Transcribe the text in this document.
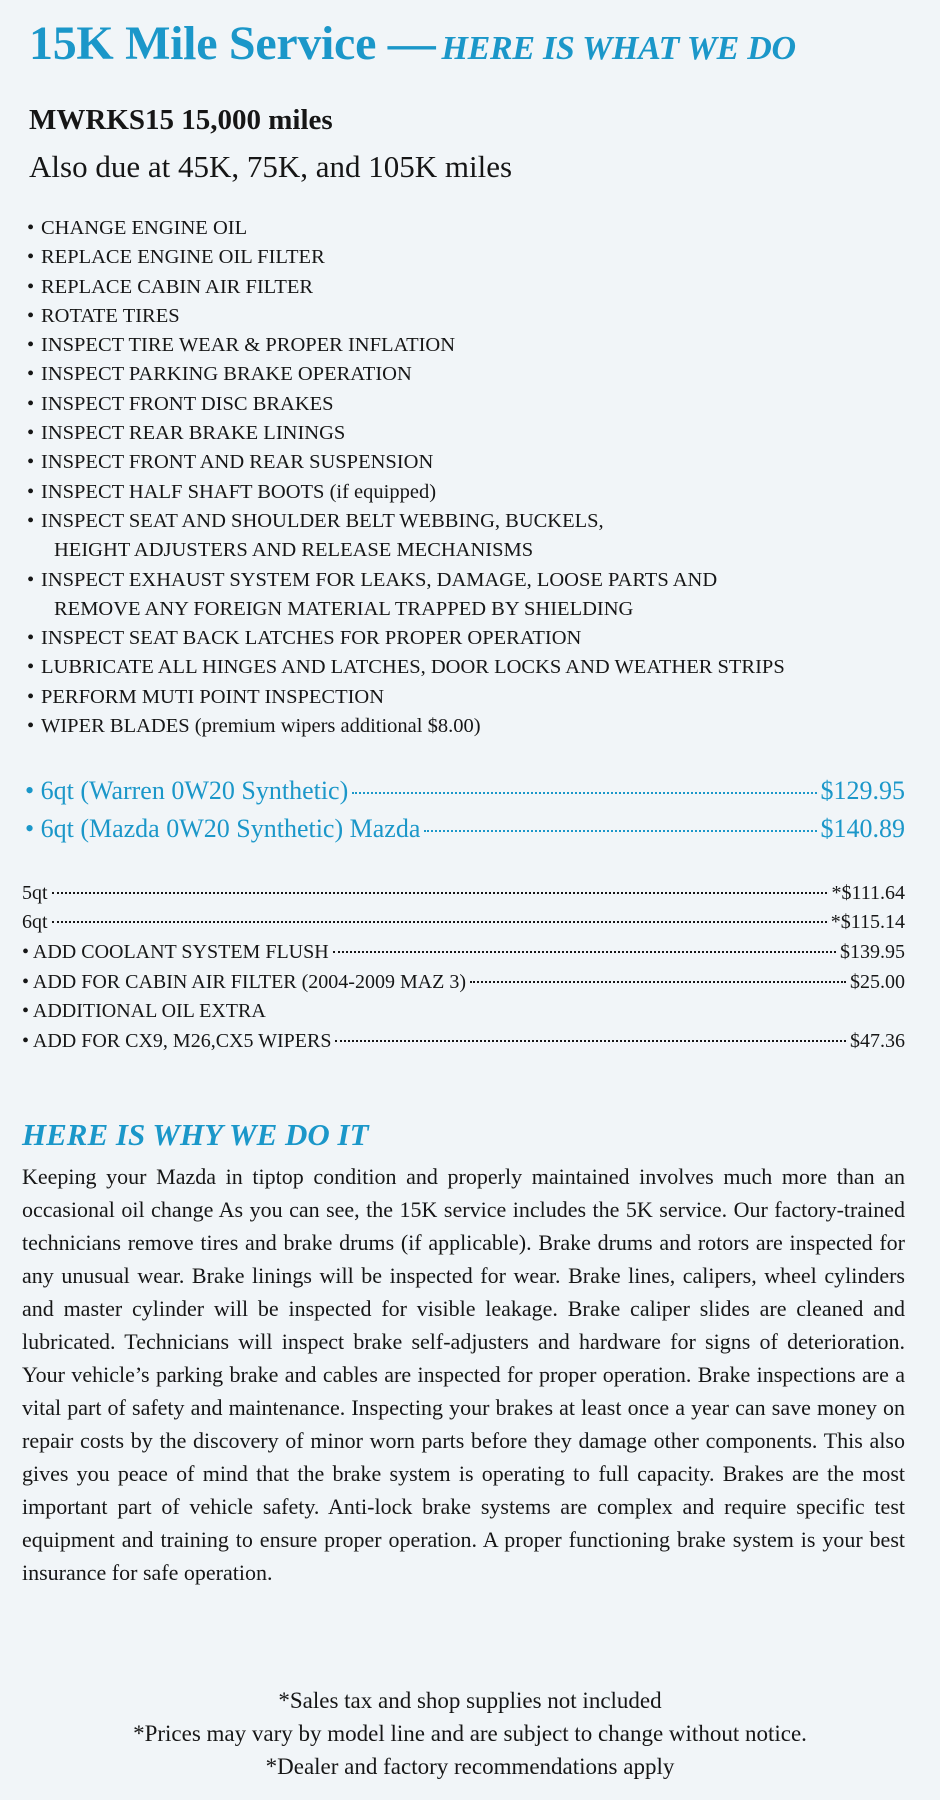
15K Mile Service — HERE IS WHAT WE DO
MWRKS15 15,000 miles
Also due at 45K, 75K, and 105K miles
• CHANGE ENGINE OIL
• REPLACE ENGINE OIL FILTER
• REPLACE CABIN AIR FILTER
• ROTATE TIRES
• INSPECT TIRE WEAR & PROPER INFLATION
• INSPECT PARKING BRAKE OPERATION
• INSPECT FRONT DISC BRAKES
• INSPECT REAR BRAKE LININGS
• INSPECT FRONT AND REAR SUSPENSION
• INSPECT HALF SHAFT BOOTS (if equipped)
• INSPECT SEAT AND SHOULDER BELT WEBBING, BUCKELS,
HEIGHT ADJUSTERS AND RELEASE MECHANISMS
• INSPECT EXHAUST SYSTEM FOR LEAKS, DAMAGE, LOOSE PARTS AND
REMOVE ANY FOREIGN MATERIAL TRAPPED BY SHIELDING
• INSPECT SEAT BACK LATCHES FOR PROPER OPERATION
• LUBRICATE ALL HINGES AND LATCHES, DOOR LOCKS AND WEATHER STRIPS
• PERFORM MUTI POINT INSPECTION
• WIPER BLADES (premium wipers additional $8.00)
• 6qt (Warren 0W20 Synthetic)	$129.95
• 6qt (Mazda 0W20 Synthetic) Mazda	$140.89
5qt	*$111.64
6qt	*$115.14
• ADD COOLANT SYSTEM FLUSH	$139.95
• ADD FOR CABIN AIR FILTER (2004-2009 MAZ 3)	$25.00
• ADDITIONAL OIL EXTRA
• ADD FOR CX9, M26,CX5 WIPERS	$47.36
HERE IS WHY WE DO IT

Keeping your Mazda in tiptop condition and properly maintained involves much more than an occasional oil change As you can see, the 15K service includes the 5K service. Our factory-trained technicians remove tires and brake drums (if applicable). Brake drums and rotors are inspected for any unusual wear. Brake linings will be inspected for wear. Brake lines, calipers, wheel cylinders and master cylinder will be inspected for visible leakage. Brake caliper slides are cleaned and lubricated. Technicians will inspect brake self-adjusters and hardware for signs of deterioration. Your vehicle’s parking brake and cables are inspected for proper operation. Brake inspections are a vital part of safety and maintenance. Inspecting your brakes at least once a year can save money on repair costs by the discovery of minor worn parts before they damage other components. This also gives you peace of mind that the brake system is operating to full capacity. Brakes are the most important part of vehicle safety. Anti-lock brake systems are complex and require specific test equipment and training to ensure proper operation. A proper functioning brake system is your best insurance for safe operation.

*Sales tax and shop supplies not included
*Prices may vary by model line and are subject to change without notice.
*Dealer and factory recommendations apply
